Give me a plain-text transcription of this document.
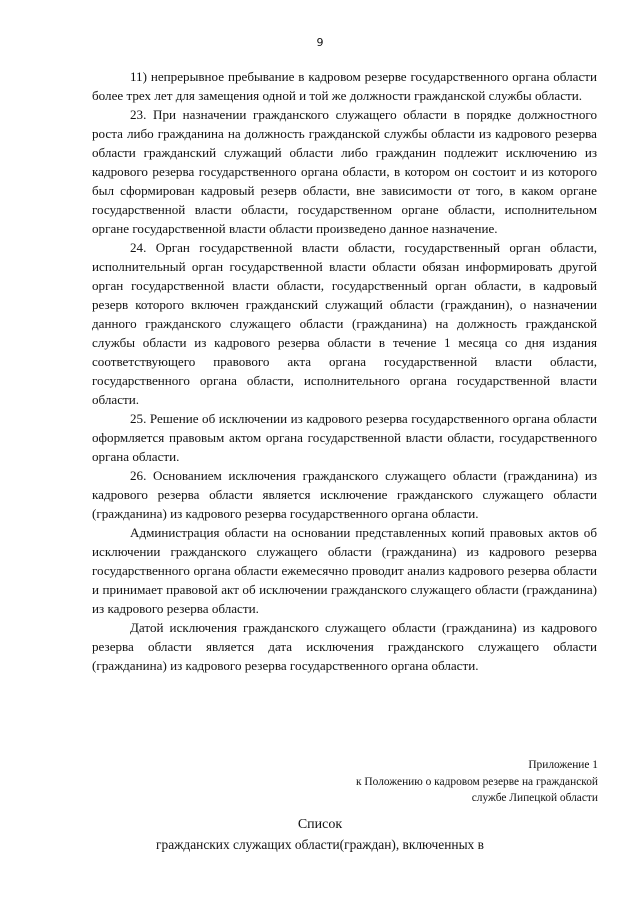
9

11) непрерывное пребывание в кадровом резерве государственного органа области более трех лет для замещения одной и той же должности гражданской службы области.

23. При назначении гражданского служащего области в порядке должностного роста либо гражданина на должность гражданской службы области из кадрового резерва области гражданский служащий области либо гражданин подлежит исключению из кадрового резерва государственного органа области, в котором он состоит и из которого был сформирован кадровый резерв области, вне зависимости от того, в каком органе государственной власти области, государственном органе области, исполнительном органе государственной власти области произведено данное назначение.

24. Орган государственной власти области, государственный орган области, исполнительный орган государственной власти области обязан информировать другой орган государственной власти области, государственный орган области, в кадровый резерв которого включен гражданский служащий области (гражданин), о назначении данного гражданского служащего области (гражданина) на должность гражданской службы области из кадрового резерва области в течение 1 месяца со дня издания соответствующего правового акта органа государственной власти области, государственного органа области, исполнительного органа государственной власти области.

25. Решение об исключении из кадрового резерва государственного органа области оформляется правовым актом органа государственной власти области, государственного органа области.

26. Основанием исключения гражданского служащего области (гражданина) из кадрового резерва области является исключение гражданского служащего области (гражданина) из кадрового резерва государственного органа области.

Администрация области на основании представленных копий правовых актов об исключении гражданского служащего области (гражданина) из кадрового резерва государственного органа области ежемесячно проводит анализ кадрового резерва области и принимает правовой акт об исключении гражданского служащего области (гражданина) из кадрового резерва области.

Датой исключения гражданского служащего области (гражданина) из кадрового резерва области является дата исключения гражданского служащего области (гражданина) из кадрового резерва государственного органа области.

Приложение 1
к Положению о кадровом резерве на гражданской
службе Липецкой области
Список
гражданских служащих области(граждан), включенных в
